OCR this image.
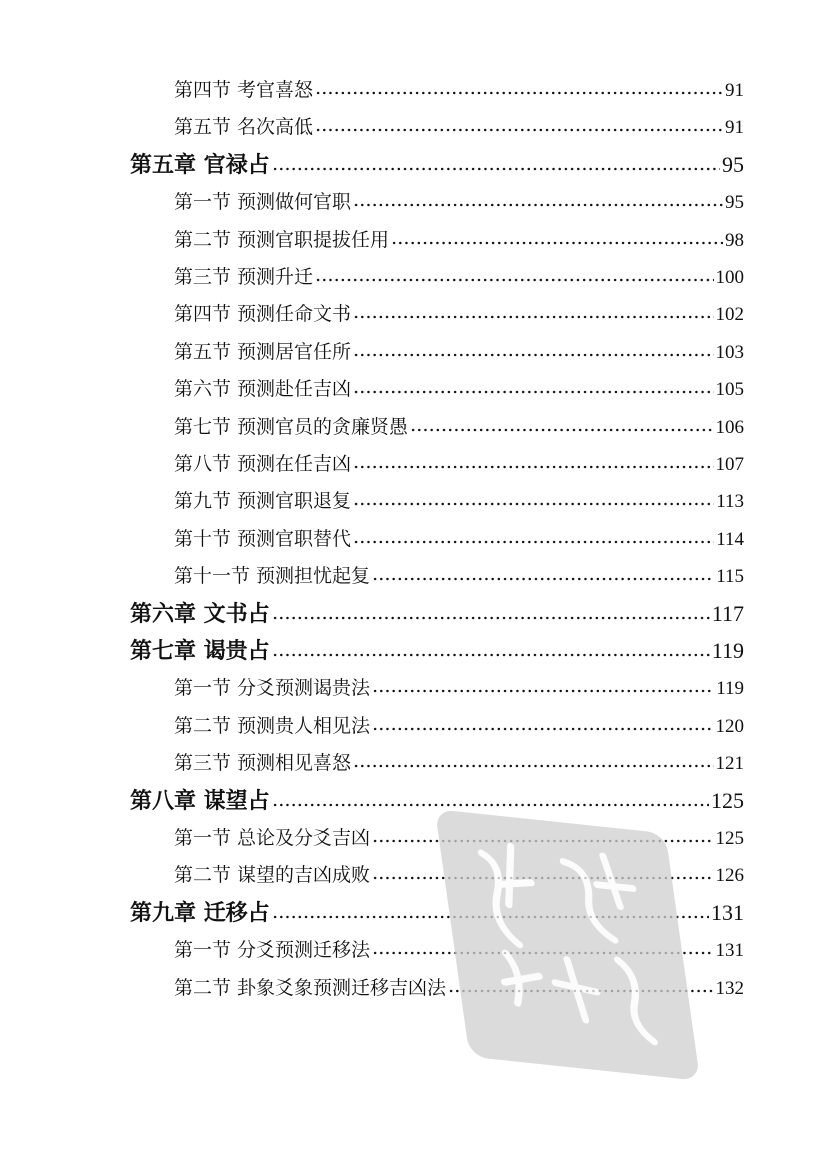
第四节 考官喜怒	91
第五节 名次高低	91
第五章 官禄占	95
第一节 预测做何官职	95
第二节 预测官职提拔任用	98
第三节 预测升迁	100
第四节 预测任命文书	102
第五节 预测居官任所	103
第六节 预测赴任吉凶	105
第七节 预测官员的贪廉贤愚	106
第八节 预测在任吉凶	107
第九节 预测官职退复	113
第十节 预测官职替代	114
第十一节 预测担忧起复	115
第六章 文书占	117
第七章 谒贵占	119
第一节 分爻预测谒贵法	119
第二节 预测贵人相见法	120
第三节 预测相见喜怒	121
第八章 谋望占	125
第一节 总论及分爻吉凶	125
第二节 谋望的吉凶成败	126
第九章 迁移占	131
第一节 分爻预测迁移法	131
第二节 卦象爻象预测迁移吉凶法	132
